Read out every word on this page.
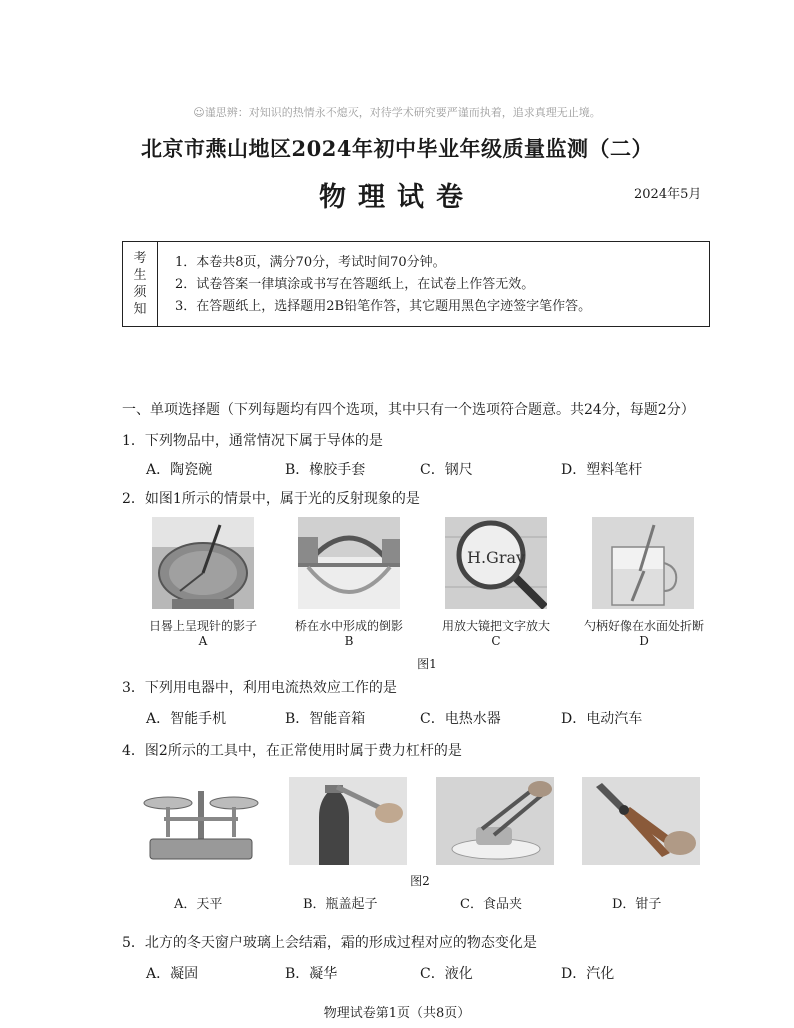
☺谨思辨：对知识的热情永不熄灭，对待学术研究要严谨而执着，追求真理无止境。
北京市燕山地区2024年初中毕业年级质量监测（二）
物理试卷	2024年5月
考
生
须
知
1．本卷共8页，满分70分，考试时间70分钟。
2．试卷答案一律填涂或书写在答题纸上，在试卷上作答无效。
3．在答题纸上，选择题用2B铅笔作答，其它题用黑色字迹签字笔作答。
一、单项选择题（下列每题均有四个选项，其中只有一个选项符合题意。共24分，每题2分）
1．下列物品中，通常情况下属于导体的是
A．陶瓷碗	B．橡胶手套	C．钢尺	D．塑料笔杆
2．如图1所示的情景中，属于光的反射现象的是
H.Grav
日晷上呈现针的影子	桥在水中形成的倒影	用放大镜把文字放大	勺柄好像在水面处折断
A	B	C	D
图1
3．下列用电器中，利用电流热效应工作的是
A．智能手机	B．智能音箱	C．电热水器	D．电动汽车
4．图2所示的工具中，在正常使用时属于费力杠杆的是
图2
A．天平	B．瓶盖起子	C．食品夹	D．钳子
5．北方的冬天窗户玻璃上会结霜，霜的形成过程对应的物态变化是
A．凝固	B．凝华	C．液化	D．汽化
物理试卷第1页（共8页）
